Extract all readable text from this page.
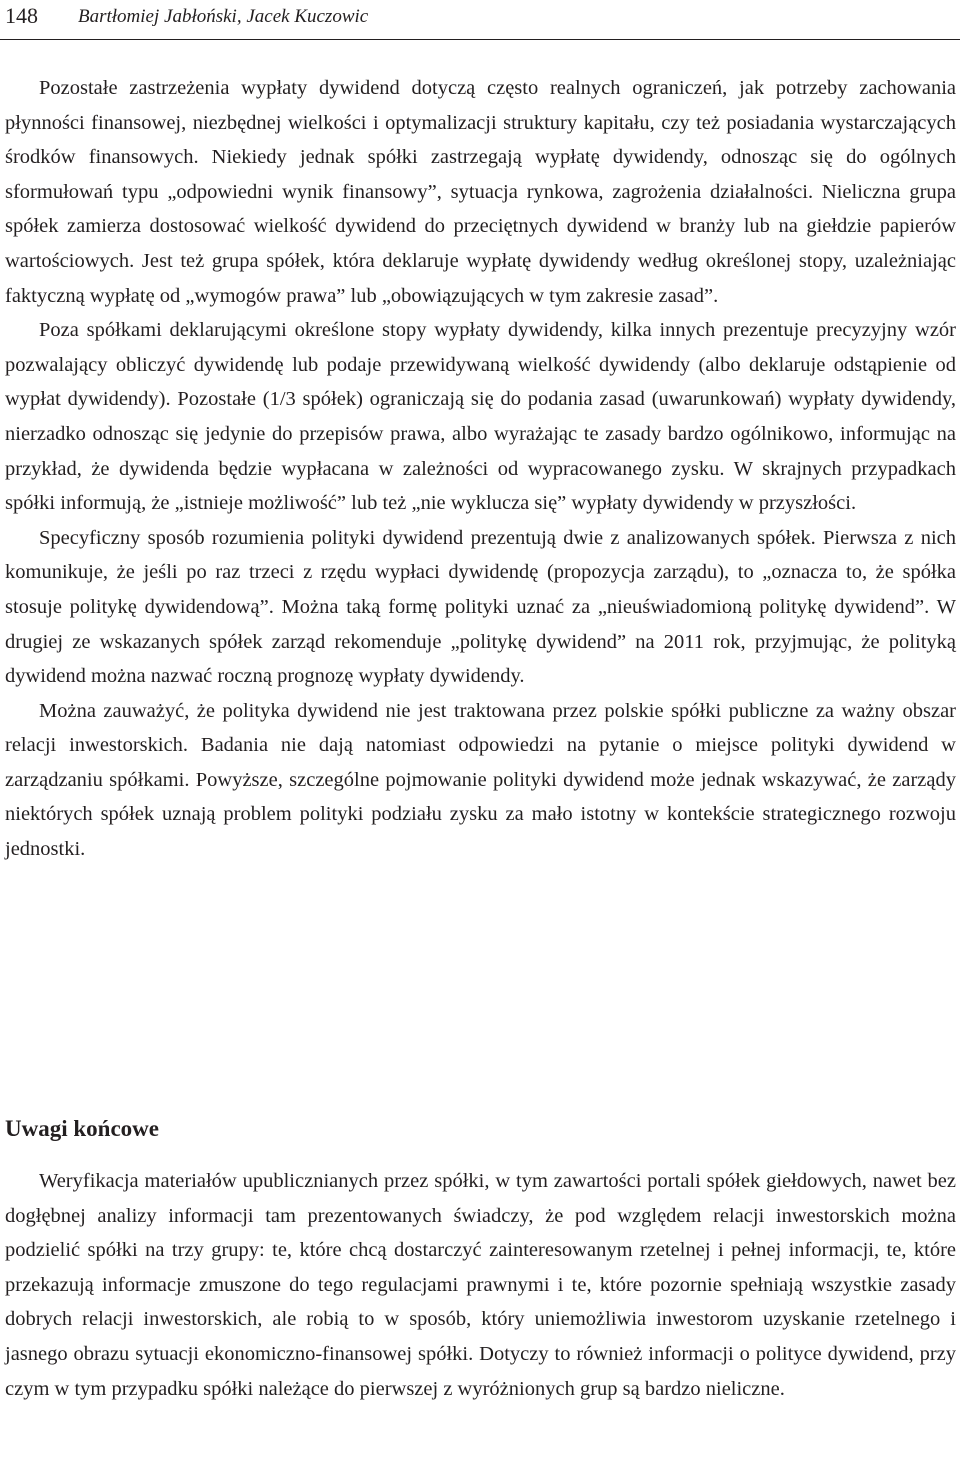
148 Bartłomiej Jabłoński, Jacek Kuczowic

Pozostałe zastrzeżenia wypłaty dywidend dotyczą często realnych ograniczeń, jak potrzeby zachowania płynności finansowej, niezbędnej wielkości i optymalizacji struktury kapitału, czy też posiadania wystarczających środków finansowych. Niekiedy jednak spółki zastrzegają wypłatę dywidendy, odnosząc się do ogólnych sformułowań typu „odpowiedni wynik finansowy”, sytuacja rynkowa, zagrożenia działalności. Nieliczna grupa spółek zamierza dostosować wielkość dywidend do przeciętnych dywidend w branży lub na giełdzie papierów wartościowych. Jest też grupa spółek, która deklaruje wypłatę dywidendy według określonej stopy, uzależniając faktyczną wypłatę od „wymogów prawa” lub „obowiązujących w tym zakresie zasad”.

Poza spółkami deklarującymi określone stopy wypłaty dywidendy, kilka innych prezentuje precyzyjny wzór pozwalający obliczyć dywidendę lub podaje przewidywaną wielkość dywidendy (albo deklaruje odstąpienie od wypłat dywidendy). Pozostałe (1/3 spółek) ograniczają się do podania zasad (uwarunkowań) wypłaty dywidendy, nierzadko odnosząc się jedynie do przepisów prawa, albo wyrażając te zasady bardzo ogólnikowo, informując na przykład, że dywidenda będzie wypłacana w zależności od wypracowanego zysku. W skrajnych przypadkach spółki informują, że „istnieje możliwość” lub też „nie wyklucza się” wypłaty dywidendy w przyszłości.

Specyficzny sposób rozumienia polityki dywidend prezentują dwie z analizowanych spółek. Pierwsza z nich komunikuje, że jeśli po raz trzeci z rzędu wypłaci dywidendę (propozycja zarządu), to „oznacza to, że spółka stosuje politykę dywidendową”. Można taką formę polityki uznać za „nieuświadomioną politykę dywidend”. W drugiej ze wskazanych spółek zarząd rekomenduje „politykę dywidend” na 2011 rok, przyjmując, że polityką dywidend można nazwać roczną prognozę wypłaty dywidendy.

Można zauważyć, że polityka dywidend nie jest traktowana przez polskie spółki publiczne za ważny obszar relacji inwestorskich. Badania nie dają natomiast odpowiedzi na pytanie o miejsce polityki dywidend w zarządzaniu spółkami. Powyższe, szczególne pojmowanie polityki dywidend może jednak wskazywać, że zarządy niektórych spółek uznają problem polityki podziału zysku za mało istotny w kontekście strategicznego rozwoju jednostki.

Uwagi końcowe

Weryfikacja materiałów upublicznianych przez spółki, w tym zawartości portali spółek giełdowych, nawet bez dogłębnej analizy informacji tam prezentowanych świadczy, że pod względem relacji inwestorskich można podzielić spółki na trzy grupy: te, które chcą dostarczyć zainteresowanym rzetelnej i pełnej informacji, te, które przekazują informacje zmuszone do tego regulacjami prawnymi i te, które pozornie spełniają wszystkie zasady dobrych relacji inwestorskich, ale robią to w sposób, który uniemożliwia inwestorom uzyskanie rzetelnego i jasnego obrazu sytuacji ekonomiczno-finansowej spółki. Dotyczy to również informacji o polityce dywidend, przy czym w tym przypadku spółki należące do pierwszej z wyróżnionych grup są bardzo nieliczne.
